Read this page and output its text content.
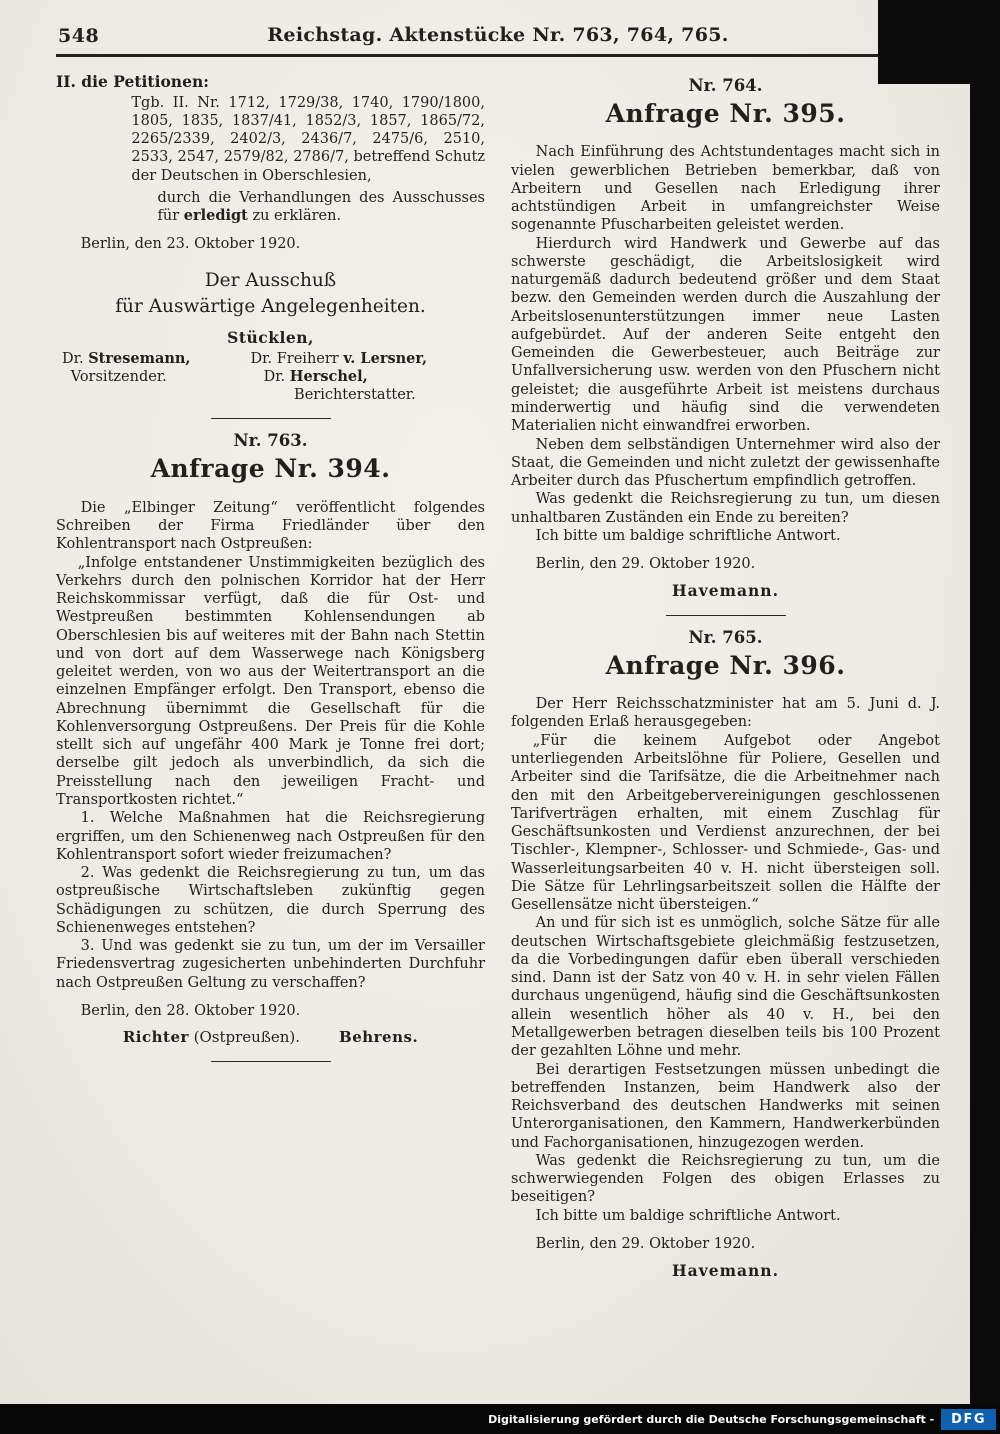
548	Reichstag. Aktenstücke Nr. 763, 764, 765.
II. die Petitionen:
Tgb. II. Nr. 1712, 1729/38, 1740, 1790/1800, 1805, 1835, 1837/41, 1852/3, 1857, 1865/72, 2265/2339, 2402/3, 2436/7, 2475/6, 2510, 2533, 2547, 2579/82, 2786/7, betreffend Schutz der Deutschen in Oberschlesien,
durch die Verhandlungen des Ausschusses für erledigt zu erklären.
Berlin, den 23. Oktober 1920.
Der Ausschuß
für Auswärtige Angelegenheiten.
Stücklen,
Dr. Stresemann,
Vorsitzender.
Dr. Freiherr v. Lersner,
Dr. Herschel,
Berichterstatter.
Nr. 763.
Anfrage Nr. 394.

Die „Elbinger Zeitung“ veröffentlicht folgendes Schreiben der Firma Friedländer über den Kohlentransport nach Ostpreußen:

„Infolge entstandener Unstimmigkeiten bezüglich des Verkehrs durch den polnischen Korridor hat der Herr Reichskommissar verfügt, daß die für Ost- und Westpreußen bestimmten Kohlensendungen ab Oberschlesien bis auf weiteres mit der Bahn nach Stettin und von dort auf dem Wasserwege nach Königsberg geleitet werden, von wo aus der Weitertransport an die einzelnen Empfänger erfolgt. Den Transport, ebenso die Abrechnung übernimmt die Gesellschaft für die Kohlenversorgung Ostpreußens. Der Preis für die Kohle stellt sich auf ungefähr 400 Mark je Tonne frei dort; derselbe gilt jedoch als unverbindlich, da sich die Preisstellung nach den jeweiligen Fracht- und Transportkosten richtet.“

1. Welche Maßnahmen hat die Reichsregierung ergriffen, um den Schienenweg nach Ostpreußen für den Kohlentransport sofort wieder freizumachen?

2. Was gedenkt die Reichsregierung zu tun, um das ostpreußische Wirtschaftsleben zukünftig gegen Schädigungen zu schützen, die durch Sperrung des Schienenweges entstehen?

3. Und was gedenkt sie zu tun, um der im Versailler Friedensvertrag zugesicherten unbehinderten Durchfuhr nach Ostpreußen Geltung zu verschaffen?

Berlin, den 28. Oktober 1920.
Richter (Ostpreußen).	Behrens.
Nr. 764.
Anfrage Nr. 395.

Nach Einführung des Achtstundentages macht sich in vielen gewerblichen Betrieben bemerkbar, daß von Arbeitern und Gesellen nach Erledigung ihrer achtstündigen Arbeit in umfangreichster Weise sogenannte Pfuscharbeiten geleistet werden.

Hierdurch wird Handwerk und Gewerbe auf das schwerste geschädigt, die Arbeitslosigkeit wird naturgemäß dadurch bedeutend größer und dem Staat bezw. den Gemeinden werden durch die Auszahlung der Arbeitslosenunterstützungen immer neue Lasten aufgebürdet. Auf der anderen Seite entgeht den Gemeinden die Gewerbesteuer, auch Beiträge zur Unfallversicherung usw. werden von den Pfuschern nicht geleistet; die ausgeführte Arbeit ist meistens durchaus minderwertig und häufig sind die verwendeten Materialien nicht einwandfrei erworben.

Neben dem selbständigen Unternehmer wird also der Staat, die Gemeinden und nicht zuletzt der gewissenhafte Arbeiter durch das Pfuschertum empfindlich getroffen.

Was gedenkt die Reichsregierung zu tun, um diesen unhaltbaren Zuständen ein Ende zu bereiten?

Ich bitte um baldige schriftliche Antwort.

Berlin, den 29. Oktober 1920.
Havemann.
Nr. 765.
Anfrage Nr. 396.

Der Herr Reichsschatzminister hat am 5. Juni d. J. folgenden Erlaß herausgegeben:

„Für die keinem Aufgebot oder Angebot unterliegenden Arbeitslöhne für Poliere, Gesellen und Arbeiter sind die Tarifsätze, die die Arbeitnehmer nach den mit den Arbeitgebervereinigungen geschlossenen Tarifverträgen erhalten, mit einem Zuschlag für Geschäftsunkosten und Verdienst anzurechnen, der bei Tischler-, Klempner-, Schlosser- und Schmiede-, Gas- und Wasserleitungsarbeiten 40 v. H. nicht übersteigen soll. Die Sätze für Lehrlingsarbeitszeit sollen die Hälfte der Gesellensätze nicht übersteigen.“

An und für sich ist es unmöglich, solche Sätze für alle deutschen Wirtschaftsgebiete gleichmäßig festzusetzen, da die Vorbedingungen dafür eben überall verschieden sind. Dann ist der Satz von 40 v. H. in sehr vielen Fällen durchaus ungenügend, häufig sind die Geschäftsunkosten allein wesentlich höher als 40 v. H., bei den Metallgewerben betragen dieselben teils bis 100 Prozent der gezahlten Löhne und mehr.

Bei derartigen Festsetzungen müssen unbedingt die betreffenden Instanzen, beim Handwerk also der Reichsverband des deutschen Handwerks mit seinen Unterorganisationen, den Kammern, Handwerkerbünden und Fachorganisationen, hinzugezogen werden.

Was gedenkt die Reichsregierung zu tun, um die schwerwiegenden Folgen des obigen Erlasses zu beseitigen?

Ich bitte um baldige schriftliche Antwort.

Berlin, den 29. Oktober 1920.
Havemann.
Digitalisierung gefördert durch die Deutsche Forschungsgemeinschaft -	DFG
